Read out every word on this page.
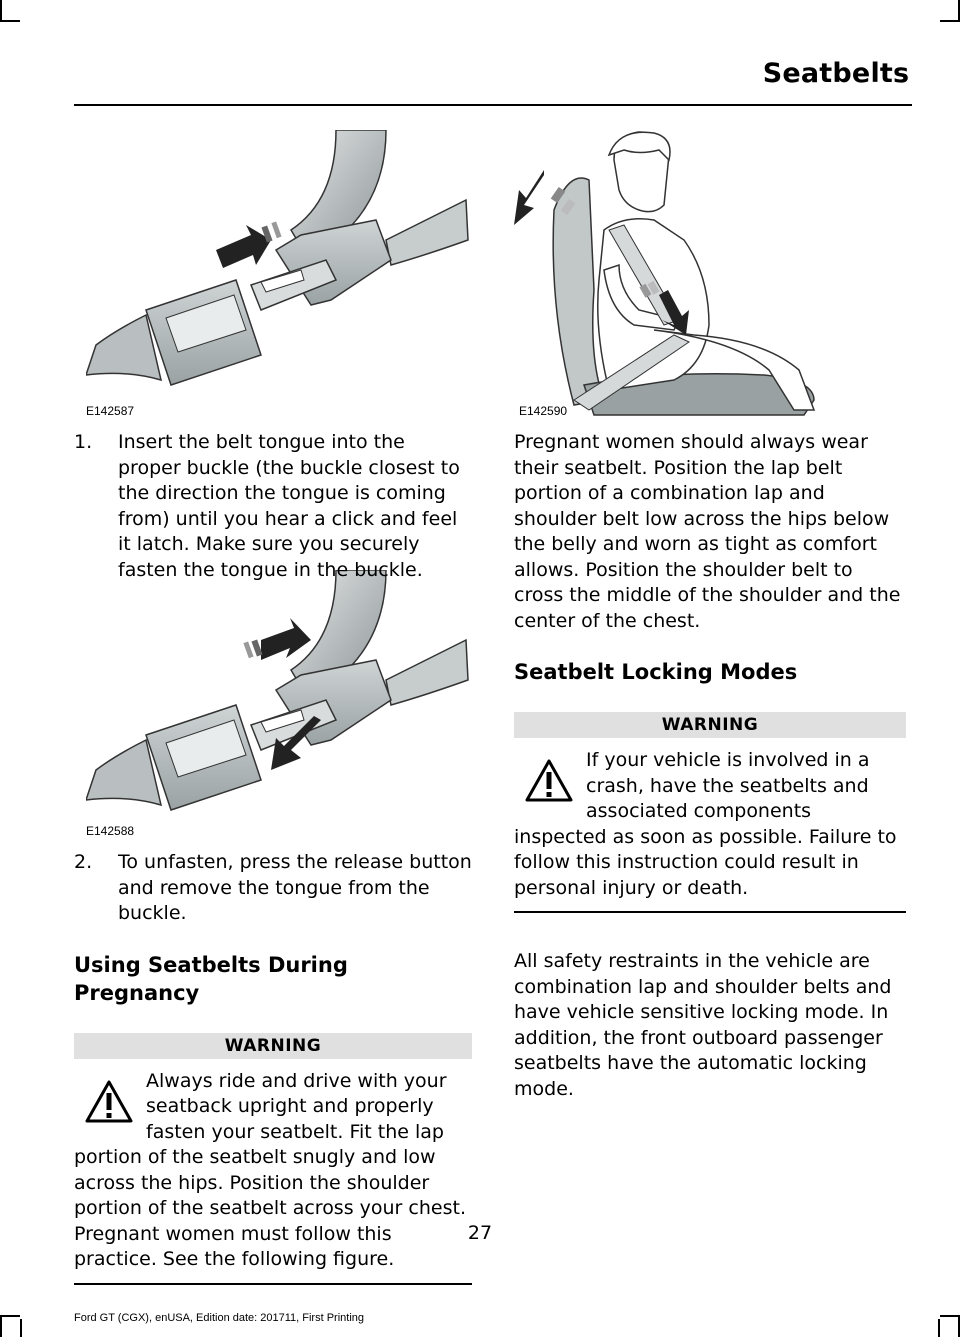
Seatbelts
E142587
E142588
E142590

1. Insert the belt tongue into the proper buckle (the buckle closest to the direction the tongue is coming from) until you hear a click and feel it latch. Make sure you securely fasten the tongue in the buckle.

2. To unfasten, press the release button and remove the tongue from the buckle.

Using Seatbelts During Pregnancy
WARNING

Always ride and drive with your seatback upright and properly fasten your seatbelt. Fit the lap portion of the seatbelt snugly and low across the hips. Position the shoulder portion of the seatbelt across your chest. Pregnant women must follow this practice. See the following figure.

Pregnant women should always wear their seatbelt. Position the lap belt portion of a combination lap and shoulder belt low across the hips below the belly and worn as tight as comfort allows. Position the shoulder belt to cross the middle of the shoulder and the center of the chest.

Seatbelt Locking Modes
WARNING

If your vehicle is involved in a crash, have the seatbelts and associated components inspected as soon as possible. Failure to follow this instruction could result in personal injury or death.

All safety restraints in the vehicle are combination lap and shoulder belts and have vehicle sensitive locking mode. In addition, the front outboard passenger seatbelts have the automatic locking mode.

27
Ford GT (CGX), enUSA, Edition date: 201711, First Printing
